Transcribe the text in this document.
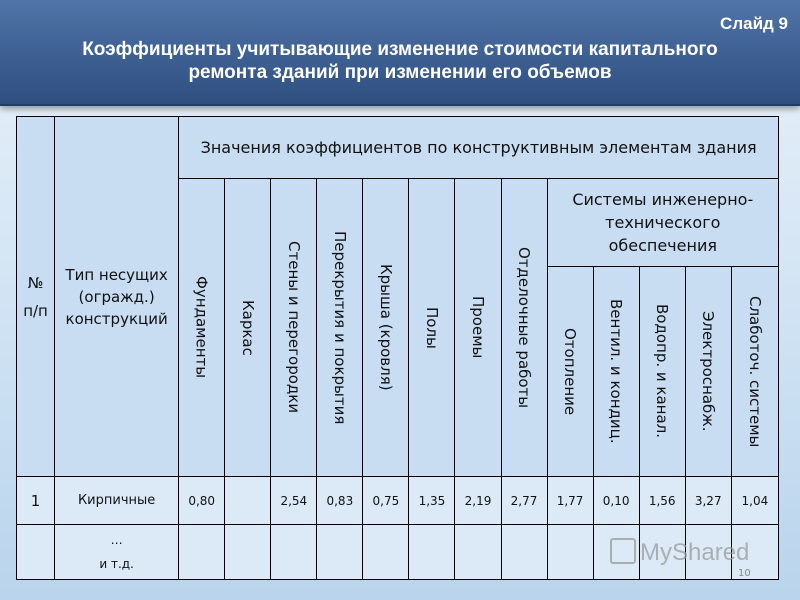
Слайд 9
Коэффициенты учитывающие изменение стоимости капитального
ремонта зданий при изменении его объемов
№ п/п	Тип несущих (огражд.) конструкций	Значения коэффициентов по конструктивным элементам здания												

		Фундаменты	Каркас	Стены и перегородки	Перекрытия и покрытия	Крыша (кровля)	Полы	Проемы	Отделочные работы	Системы инженерно-технического обеспечения				

										Отопление	Вентил. и кондиц.	Водопр. и канал.	Электроснабж.	Слаботоч. системы

1	Кирпичные	0,80		2,54	0,83	0,75	1,35	2,19	2,77	1,77	0,10	1,56	3,27	1,04

	…
и т.д.													
														MyShared
10
